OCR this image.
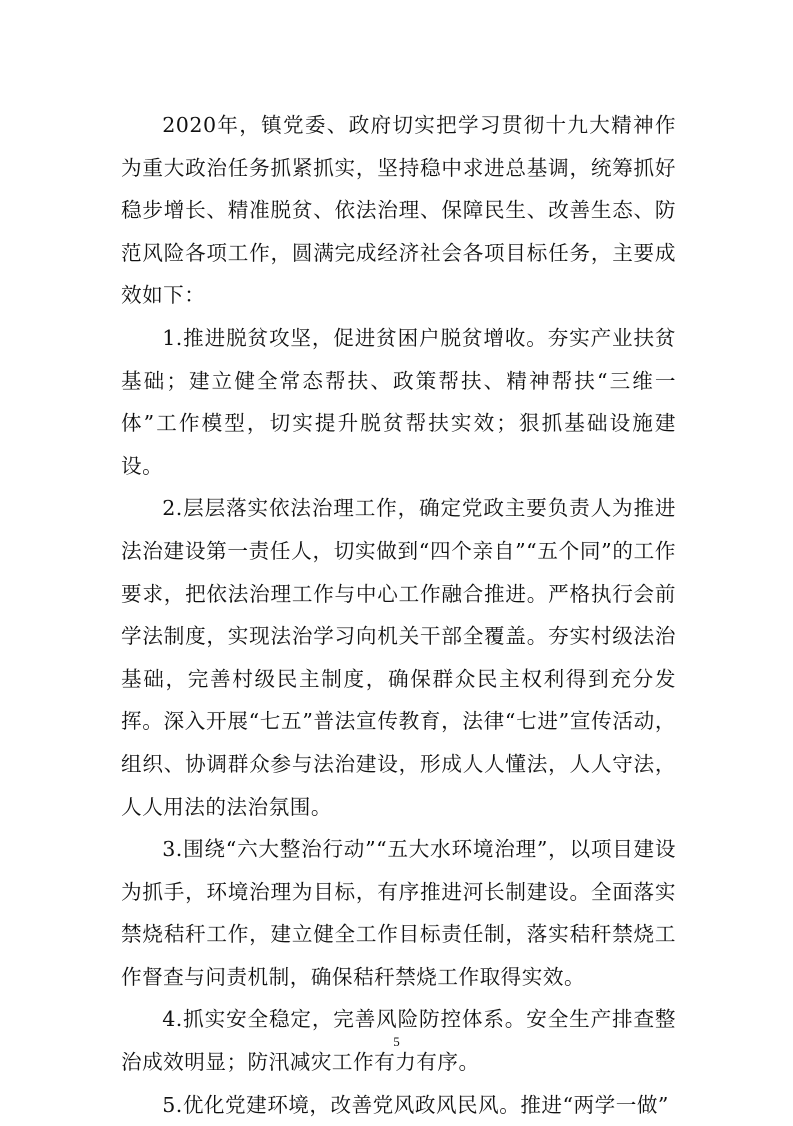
2020年，镇党委、政府切实把学习贯彻十九大精神作为重大政治任务抓紧抓实，坚持稳中求进总基调，统筹抓好稳步增长、精准脱贫、依法治理、保障民生、改善生态、防范风险各项工作，圆满完成经济社会各项目标任务，主要成效如下：

1.推进脱贫攻坚，促进贫困户脱贫增收。夯实产业扶贫基础；建立健全常态帮扶、政策帮扶、精神帮扶“三维一体”工作模型，切实提升脱贫帮扶实效；狠抓基础设施建设。

2.层层落实依法治理工作，确定党政主要负责人为推进法治建设第一责任人，切实做到“四个亲自”“五个同”的工作要求，把依法治理工作与中心工作融合推进。严格执行会前学法制度，实现法治学习向机关干部全覆盖。夯实村级法治基础，完善村级民主制度，确保群众民主权利得到充分发挥。深入开展“七五”普法宣传教育，法律“七进”宣传活动，组织、协调群众参与法治建设，形成人人懂法，人人守法，人人用法的法治氛围。

3.围绕“六大整治行动”“五大水环境治理”，以项目建设为抓手，环境治理为目标，有序推进河长制建设。全面落实禁烧秸秆工作，建立健全工作目标责任制，落实秸秆禁烧工作督查与问责机制，确保秸秆禁烧工作取得实效。

4.抓实安全稳定，完善风险防控体系。安全生产排查整治成效明显；防汛减灾工作有力有序。

5.优化党建环境，改善党风政风民风。推进“两学一做”

5
